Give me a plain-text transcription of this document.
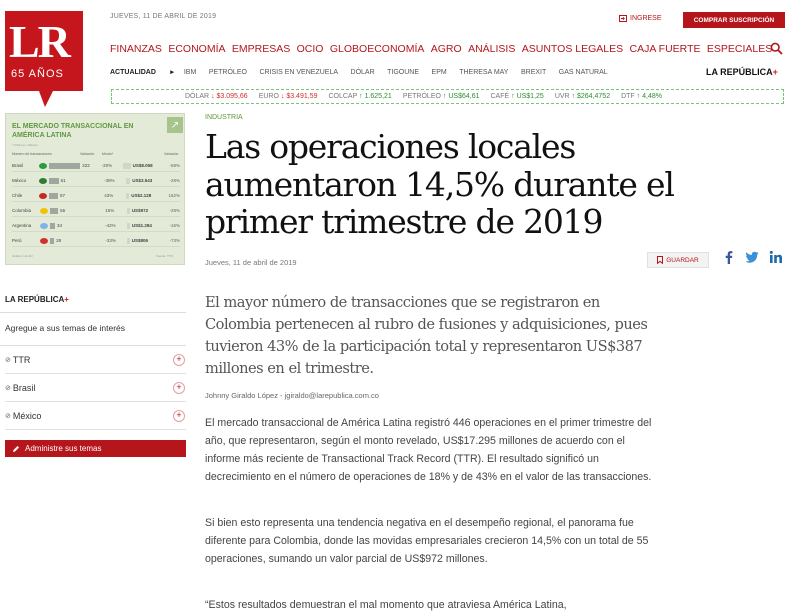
LR
65 AÑOS
JUEVES, 11 DE ABRIL DE 2019	INGRESE	COMPRAR SUSCRIPCIÓN
FINANZAS ECONOMÍA EMPRESAS OCIO GLOBOECONOMÍA AGRO ANÁLISIS ASUNTOS LEGALES CAJA FUERTE ESPECIALES
ACTUALIDAD ▸ IBM PETRÓLEO CRISIS EN VENEZUELA DÓLAR TIGOUNE EPM THERESA MAY BREXIT GAS NATURAL	LA REPÚBLICA+
DÓLAR ↓ $3.095,66 EURO ↓ $3.491,59 COLCAP ↑ 1.625,21 PETRÓLEO ↑ US$64,61 CAFÉ ↑ US$1,25 UVR ↑ $264,4752 DTF ↑ 4,48%
EL MERCADO TRANSACCIONAL EN AMÉRICA LATINA
↗
* Cifras en millones
Número de transacciones	Variación Monto*	Variación
Brasil	222	-20%	US$8.058	-59%
México	61	-38%	US$3.543	-28%
Chile	57	43%	US$2.128	162%
Colombia	55	15%	US$972	-29%
Argentina	34	-42%	US$1.284	-16%
Perú	28	-33%	US$806	-73%
Gráfico: LR-GR	Fuente: TTR
LA REPÚBLICA+
Agregue a sus temas de interés
⊘ TTR	+
⊘ Brasil	+
⊘ México	+
Administre sus temas
INDUSTRIA
Las operaciones locales aumentaron 14,5% durante el primer trimestre de 2019
Jueves, 11 de abril de 2019	GUARDAR

El mayor número de transacciones que se registraron en Colombia pertenecen al rubro de fusiones y adquisiciones, pues tuvieron 43% de la participación total y representaron US$387 millones en el trimestre.

Johnny Giraldo López - jgiraldo@larepublica.com.co

El mercado transaccional de América Latina registró 446 operaciones en el primer trimestre del año, que representaron, según el monto revelado, US$17.295 millones de acuerdo con el informe más reciente de Transactional Track Record (TTR). El resultado significó un decrecimiento en el número de operaciones de 18% y de 43% en el valor de las transacciones.

Si bien esto representa una tendencia negativa en el desempeño regional, el panorama fue diferente para Colombia, donde las movidas empresariales crecieron 14,5% con un total de 55 operaciones, sumando un valor parcial de US$972 millones.

“Estos resultados demuestran el mal momento que atraviesa América Latina,
